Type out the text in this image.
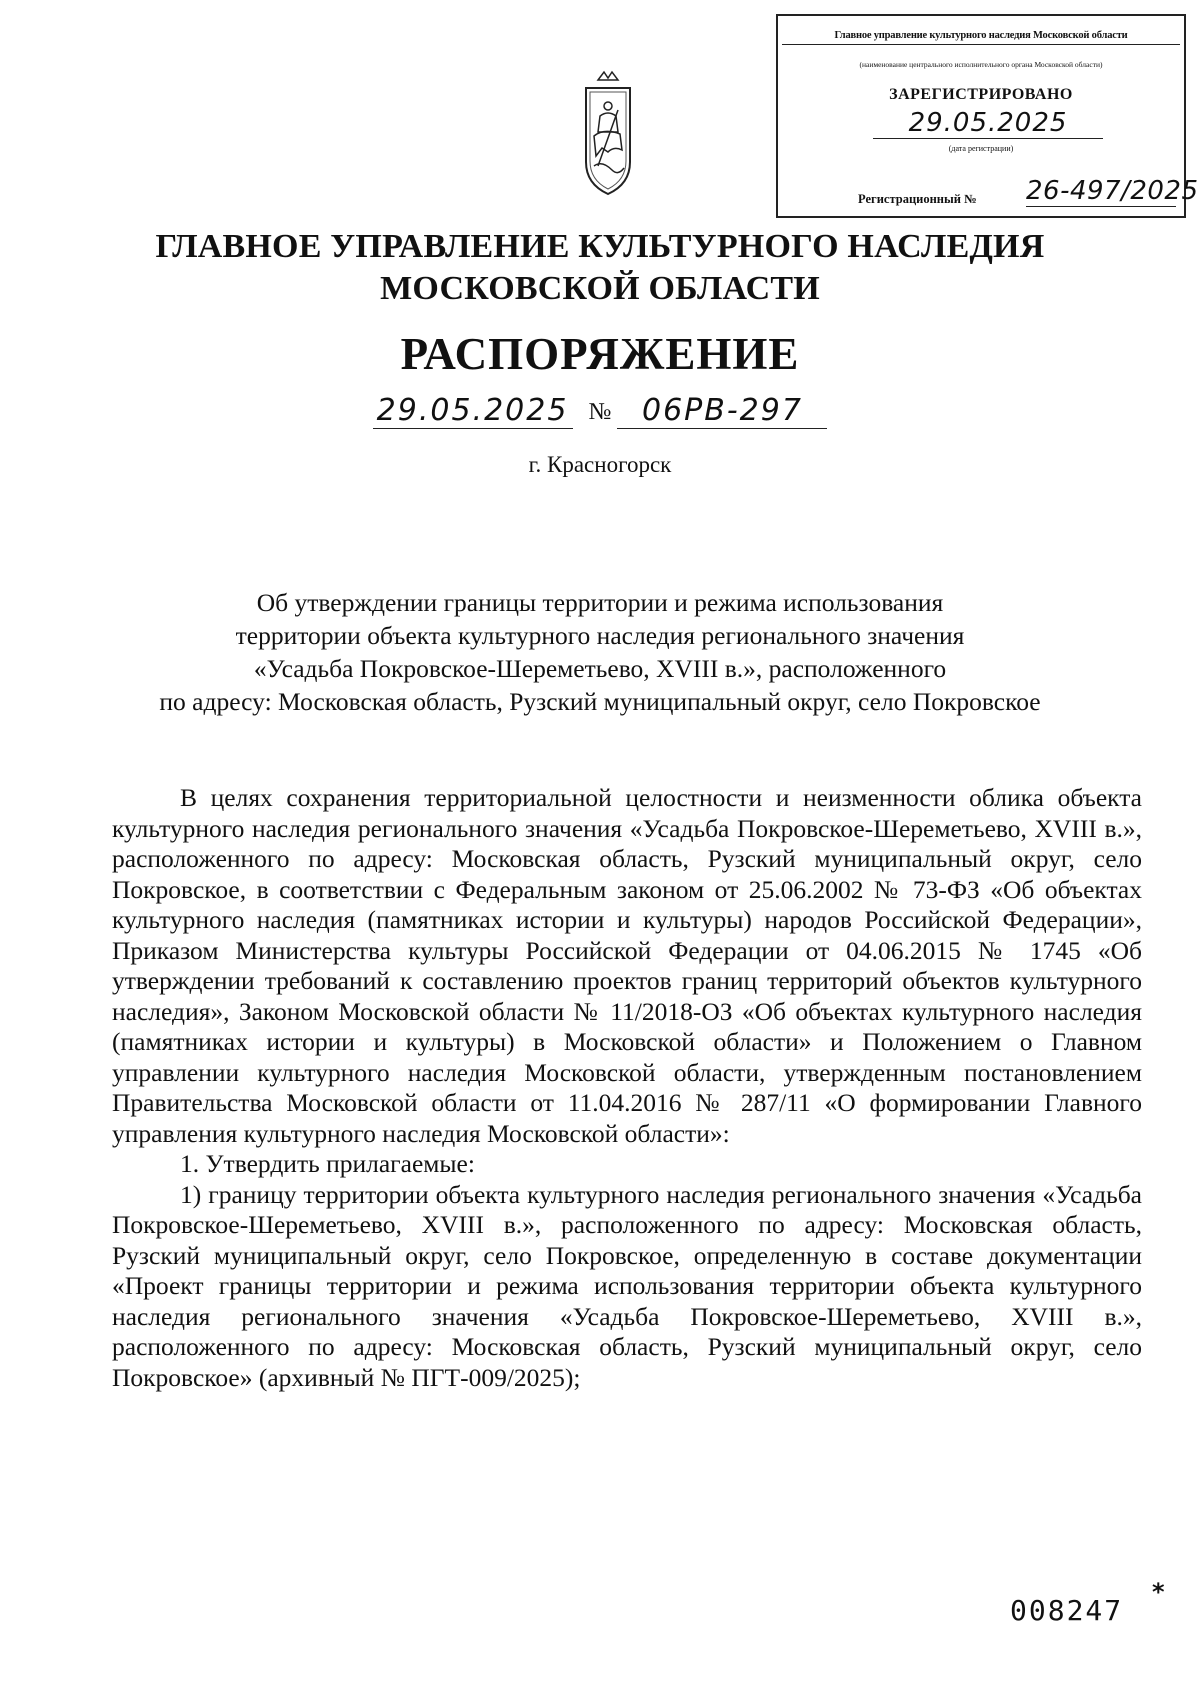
Главное управление культурного наследия Московской области
(наименование центрального исполнительного органа Московской области)
ЗАРЕГИСТРИРОВАНО
29.05.2025
(дата регистрации)
Регистрационный № 26-497/2025
ГЛАВНОЕ УПРАВЛЕНИЕ КУЛЬТУРНОГО НАСЛЕДИЯ
МОСКОВСКОЙ ОБЛАСТИ
РАСПОРЯЖЕНИЕ
29.05.2025 № 06РВ-297
г. Красногорск
Об утверждении границы территории и режима использования
территории объекта культурного наследия регионального значения
«Усадьба Покровское-Шереметьево, XVIII в.», расположенного
по адресу: Московская область, Рузский муниципальный округ, село Покровское

В целях сохранения территориальной целостности и неизменности облика объекта культурного наследия регионального значения «Усадьба Покровское-Шереметьево, XVIII в.», расположенного по адресу: Московская область, Рузский муниципальный округ, село Покровское, в соответствии с Федеральным законом от 25.06.2002 № 73-ФЗ «Об объектах культурного наследия (памятниках истории и культуры) народов Российской Федерации», Приказом Министерства культуры Российской Федерации от 04.06.2015 № 1745 «Об утверждении требований к составлению проектов границ территорий объектов культурного наследия», Законом Московской области № 11/2018-ОЗ «Об объектах культурного наследия (памятниках истории и культуры) в Московской области» и Положением о Главном управлении культурного наследия Московской области, утвержденным постановлением Правительства Московской области от 11.04.2016 № 287/11 «О формировании Главного управления культурного наследия Московской области»:

1. Утвердить прилагаемые:

1) границу территории объекта культурного наследия регионального значения «Усадьба Покровское-Шереметьево, XVIII в.», расположенного по адресу: Московская область, Рузский муниципальный округ, село Покровское, определенную в составе документации «Проект границы территории и режима использования территории объекта культурного наследия регионального значения «Усадьба Покровское-Шереметьево, XVIII в.», расположенного по адресу: Московская область, Рузский муниципальный округ, село Покровское» (архивный № ПГТ-009/2025);

008247
*
